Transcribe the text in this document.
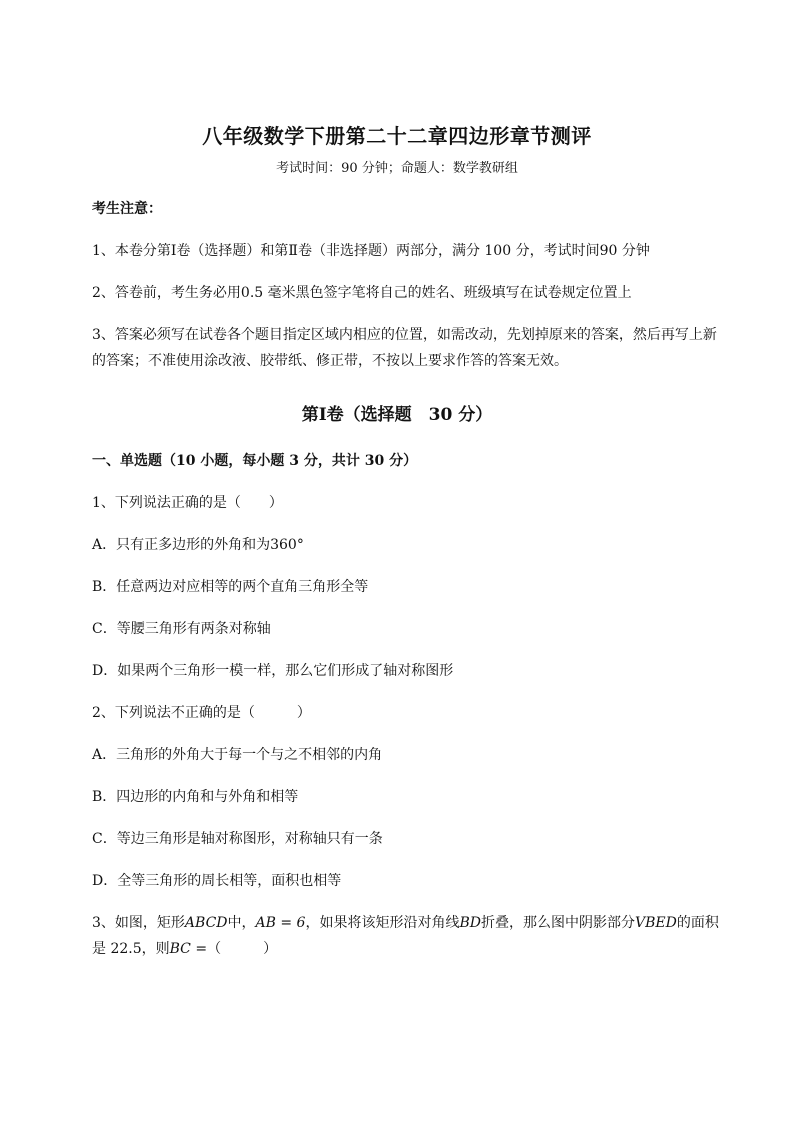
八年级数学下册第二十二章四边形章节测评
考试时间：90 分钟；命题人：数学教研组
考生注意：
1、本卷分第Ⅰ卷（选择题）和第Ⅱ卷（非选择题）两部分，满分 100 分，考试时间90 分钟
2、答卷前，考生务必用0.5 毫米黑色签字笔将自己的姓名、班级填写在试卷规定位置上
3、答案必须写在试卷各个题目指定区域内相应的位置，如需改动，先划掉原来的答案，然后再写上新
的答案；不准使用涂改液、胶带纸、修正带，不按以上要求作答的答案无效。
第Ⅰ卷（选择题　30 分）
一、单选题（10 小题，每小题 3 分，共计 30 分）
1、下列说法正确的是（　　）
A．只有正多边形的外角和为360°
B．任意两边对应相等的两个直角三角形全等
C．等腰三角形有两条对称轴
D．如果两个三角形一模一样，那么它们形成了轴对称图形
2、下列说法不正确的是（　　　）
A．三角形的外角大于每一个与之不相邻的内角
B．四边形的内角和与外角和相等
C．等边三角形是轴对称图形，对称轴只有一条
D．全等三角形的周长相等，面积也相等
3、如图，矩形ABCD中，AB = 6，如果将该矩形沿对角线BD折叠，那么图中阴影部分VBED的面积
是 22.5，则BC =（　　　）
